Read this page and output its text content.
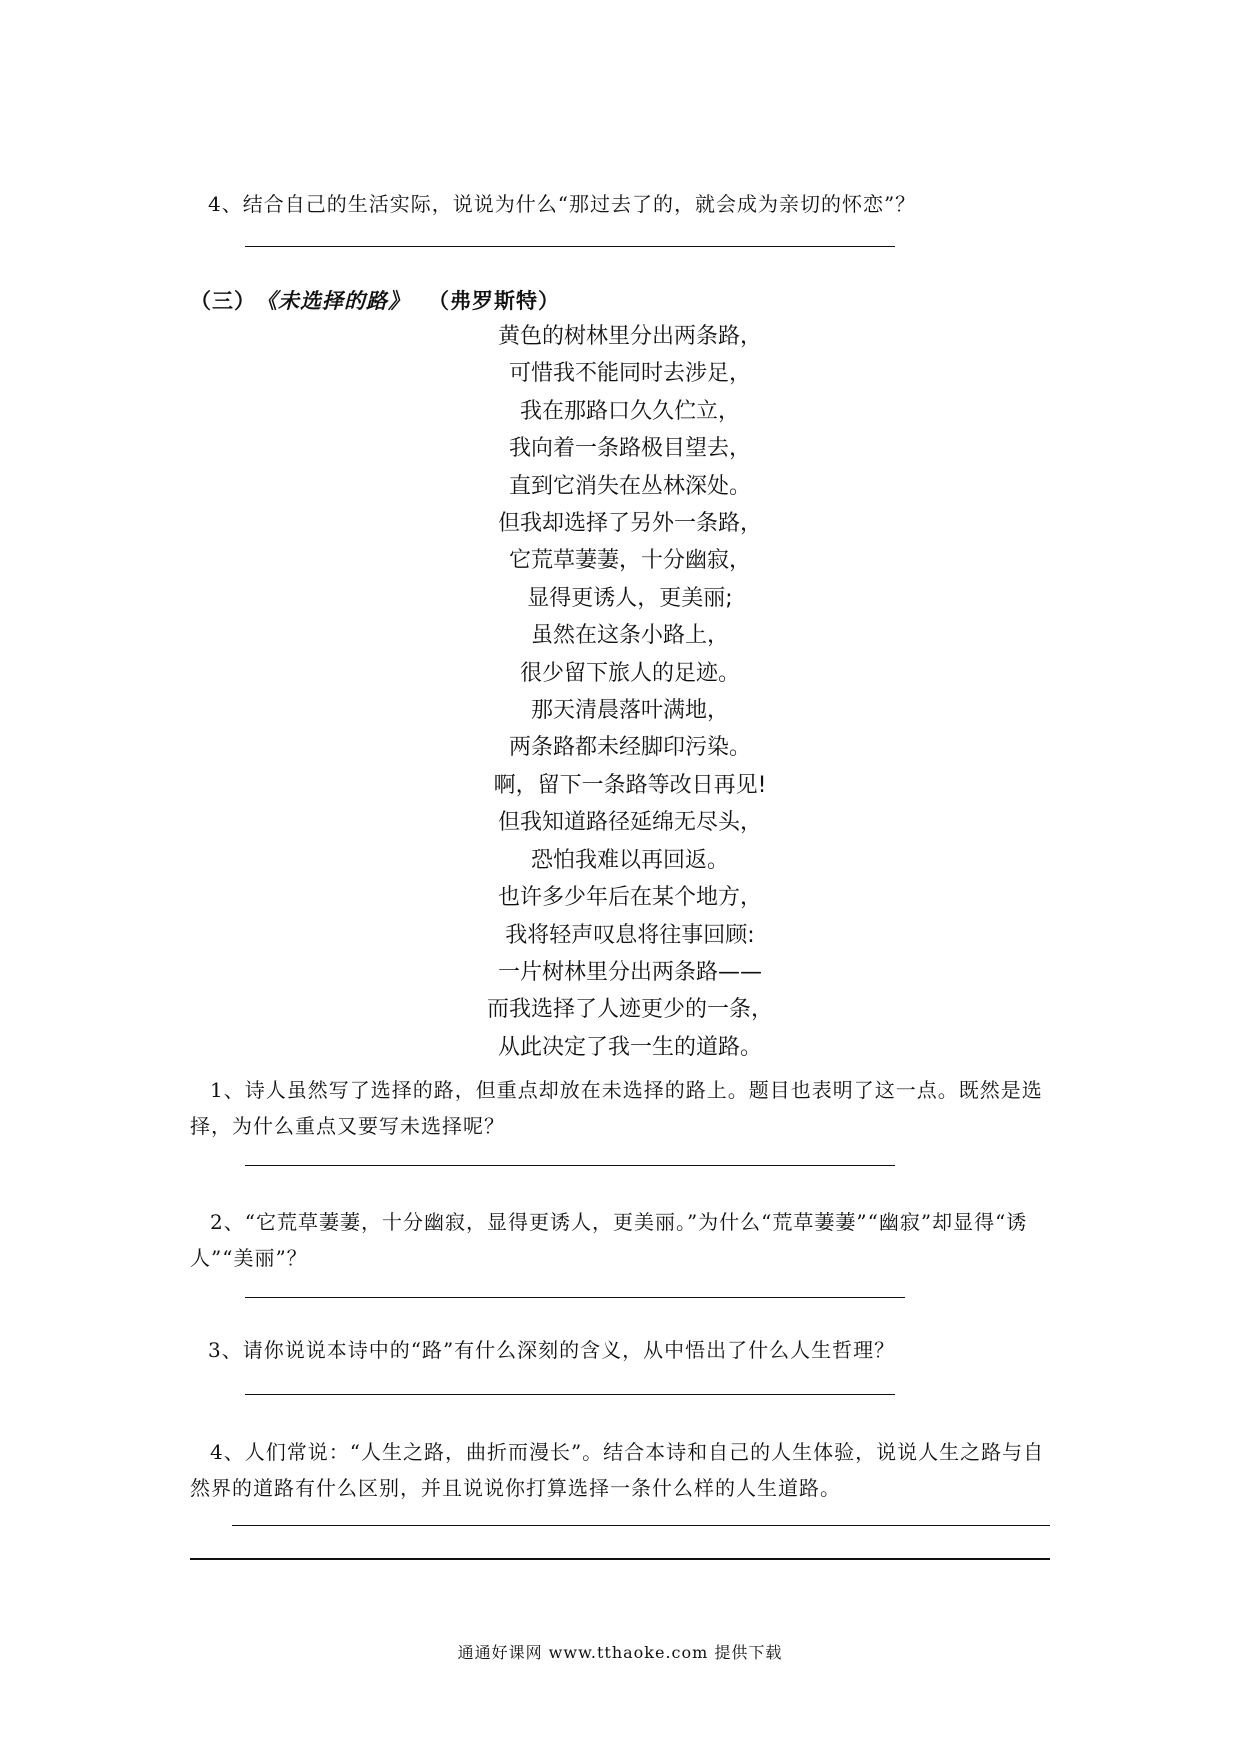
4、结合自己的生活实际，说说为什么“那过去了的，就会成为亲切的怀恋”？
（三）《未选择的路》 （弗罗斯特）
黄色的树林里分出两条路，
可惜我不能同时去涉足，
我在那路口久久伫立，
我向着一条路极目望去，
直到它消失在丛林深处。
但我却选择了另外一条路，
它荒草萋萋，十分幽寂，
显得更诱人，更美丽;
虽然在这条小路上，
很少留下旅人的足迹。
那天清晨落叶满地，
两条路都未经脚印污染。
啊，留下一条路等改日再见!
但我知道路径延绵无尽头，
恐怕我难以再回返。
也许多少年后在某个地方，
我将轻声叹息将往事回顾:
一片树林里分出两条路——
而我选择了人迹更少的一条，
从此决定了我一生的道路。
1、诗人虽然写了选择的路，但重点却放在未选择的路上。题目也表明了这一点。既然是选择，为什么重点又要写未选择呢？
2、“它荒草萋萋，十分幽寂，显得更诱人，更美丽。”为什么“荒草萋萋”“幽寂”却显得“诱人”“美丽”？
3、请你说说本诗中的“路”有什么深刻的含义，从中悟出了什么人生哲理？
4、人们常说：“人生之路，曲折而漫长”。结合本诗和自己的人生体验，说说人生之路与自然界的道路有什么区别，并且说说你打算选择一条什么样的人生道路。
通通好课网 www.tthaoke.com 提供下载
